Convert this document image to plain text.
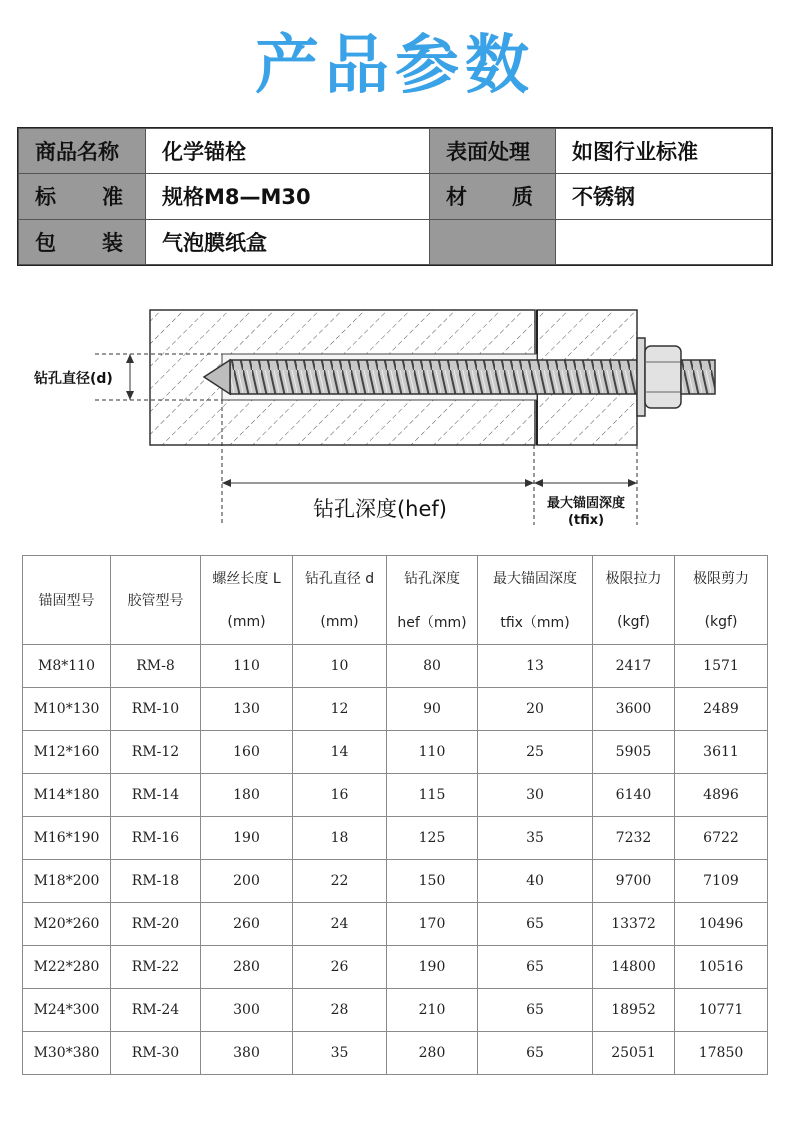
产品参数
商品名称	化学锚栓	表面处理	如图行业标准

标 准	规格M8—M30	材 质	不锈钢

包 装	气泡膜纸盒		
钻孔直径(d)
钻孔深度(hef)	最大锚固深度
(tfix)
锚固型号	胶管型号	螺丝长度 L	钻孔直径 d	钻孔深度	最大锚固深度	极限拉力	极限剪力
		(mm)	(mm)	hef（mm)	tfix（mm)	(kgf)	(kgf)
M8*110	RM-8	110	10	80	13	2417	1571
M10*130	RM-10	130	12	90	20	3600	2489
M12*160	RM-12	160	14	110	25	5905	3611
M14*180	RM-14	180	16	115	30	6140	4896
M16*190	RM-16	190	18	125	35	7232	6722
M18*200	RM-18	200	22	150	40	9700	7109
M20*260	RM-20	260	24	170	65	13372	10496
M22*280	RM-22	280	26	190	65	14800	10516
M24*300	RM-24	300	28	210	65	18952	10771
M30*380	RM-30	380	35	280	65	25051	17850
